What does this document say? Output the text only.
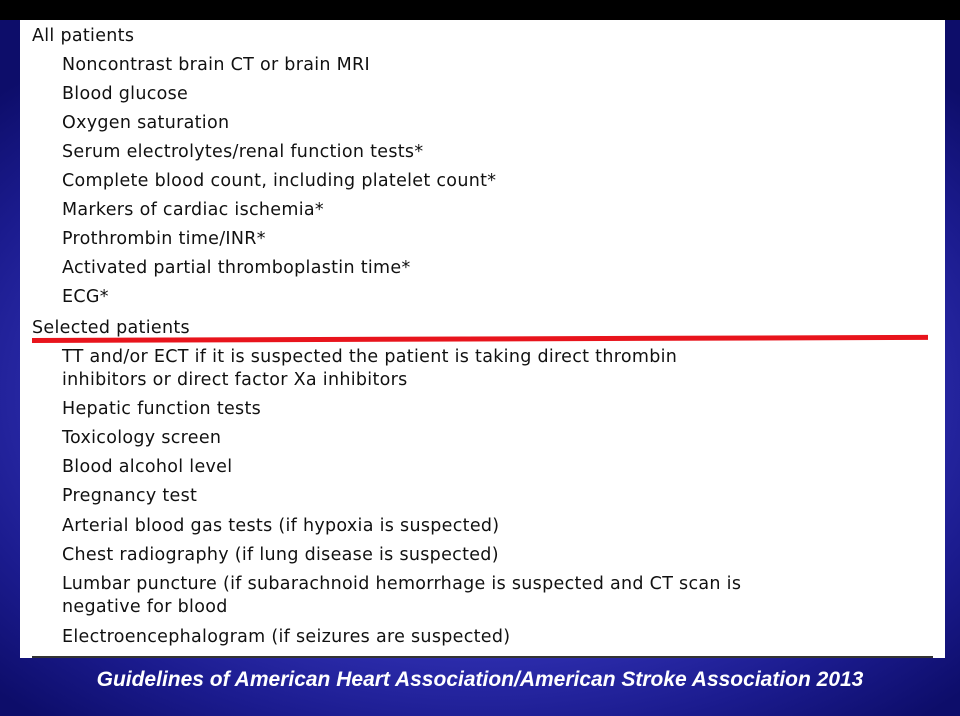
All patients
Noncontrast brain CT or brain MRI
Blood glucose
Oxygen saturation
Serum electrolytes/renal function tests*
Complete blood count, including platelet count*
Markers of cardiac ischemia*
Prothrombin time/INR*
Activated partial thromboplastin time*
ECG*
Selected patients
TT and/or ECT if it is suspected the patient is taking direct thrombin
inhibitors or direct factor Xa inhibitors
Hepatic function tests
Toxicology screen
Blood alcohol level
Pregnancy test
Arterial blood gas tests (if hypoxia is suspected)
Chest radiography (if lung disease is suspected)
Lumbar puncture (if subarachnoid hemorrhage is suspected and CT scan is
negative for blood
Electroencephalogram (if seizures are suspected)
Guidelines of American Heart Association/American Stroke Association 2013
